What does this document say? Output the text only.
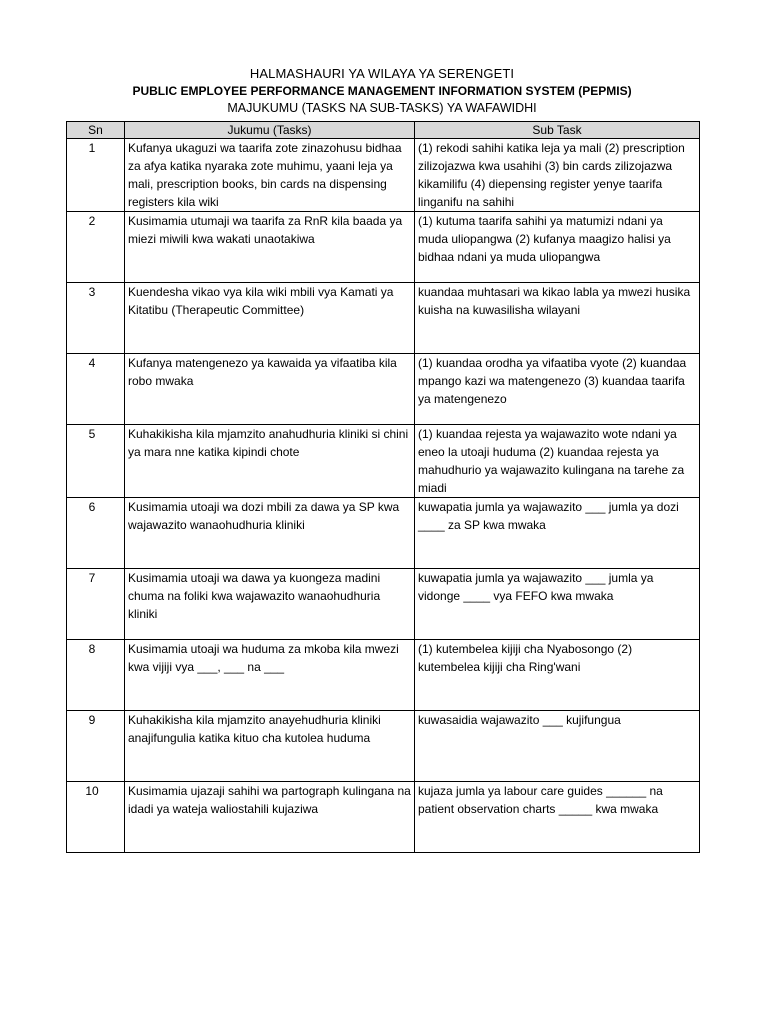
HALMASHAURI YA WILAYA YA SERENGETI
PUBLIC EMPLOYEE PERFORMANCE MANAGEMENT INFORMATION SYSTEM (PEPMIS)
MAJUKUMU (TASKS NA SUB-TASKS) YA WAFAWIDHI
Sn	Jukumu (Tasks)	Sub Task
1	Kufanya ukaguzi wa taarifa zote zinazohusu bidhaa za afya katika nyaraka zote muhimu, yaani leja ya mali, prescription books, bin cards na dispensing registers kila wiki	(1) rekodi sahihi katika leja ya mali (2) prescription zilizojazwa kwa usahihi (3) bin cards zilizojazwa kikamilifu (4) diepensing register yenye taarifa linganifu na sahihi
2	Kusimamia utumaji wa taarifa za RnR kila baada ya miezi miwili kwa wakati unaotakiwa	(1) kutuma taarifa sahihi ya matumizi ndani ya muda uliopangwa (2) kufanya maagizo halisi ya bidhaa ndani ya muda uliopangwa
3	Kuendesha vikao vya kila wiki mbili vya Kamati ya Kitatibu (Therapeutic Committee)	kuandaa muhtasari wa kikao labla ya mwezi husika kuisha na kuwasilisha wilayani
4	Kufanya matengenezo ya kawaida ya vifaatiba kila robo mwaka	(1) kuandaa orodha ya vifaatiba vyote (2) kuandaa mpango kazi wa matengenezo (3) kuandaa taarifa ya matengenezo
5	Kuhakikisha kila mjamzito anahudhuria kliniki si chini ya mara nne katika kipindi chote	(1) kuandaa rejesta ya wajawazito wote ndani ya eneo la utoaji huduma (2) kuandaa rejesta ya mahudhurio ya wajawazito kulingana na tarehe za miadi
6	Kusimamia utoaji wa dozi mbili za dawa ya SP kwa wajawazito wanaohudhuria kliniki	kuwapatia jumla ya wajawazito ___ jumla ya dozi ____ za SP kwa mwaka
7	Kusimamia utoaji wa dawa ya kuongeza madini chuma na foliki kwa wajawazito wanaohudhuria kliniki	kuwapatia jumla ya wajawazito ___ jumla ya vidonge ____ vya FEFO kwa mwaka
8	Kusimamia utoaji wa huduma za mkoba kila mwezi kwa vijiji vya ___, ___ na ___	(1) kutembelea kijiji cha Nyabosongo (2) kutembelea kijiji cha Ring'wani
9	Kuhakikisha kila mjamzito anayehudhuria kliniki anajifungulia katika kituo cha kutolea huduma	kuwasaidia wajawazito ___ kujifungua
10	Kusimamia ujazaji sahihi wa partograph kulingana na idadi ya wateja waliostahili kujaziwa	kujaza jumla ya labour care guides ______ na patient observation charts _____ kwa mwaka
